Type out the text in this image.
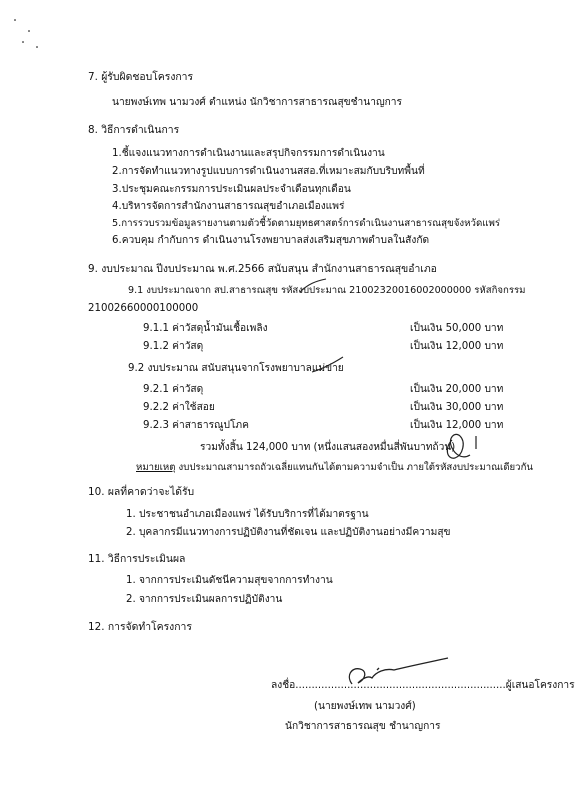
7. ผู้รับผิดชอบโครงการ
นายพงษ์เทพ นามวงศ์ ตำแหน่ง นักวิชาการสาธารณสุขชำนาญการ
8. วิธีการดำเนินการ
1.ชี้แจงแนวทางการดำเนินงานและสรุปกิจกรรมการดำเนินงาน
2.การจัดทำแนวทางรูปแบบการดำเนินงานสสอ.ที่เหมาะสมกับบริบทพื้นที่
3.ประชุมคณะกรรมการประเมินผลประจำเดือนทุกเดือน
4.บริหารจัดการสำนักงานสาธารณสุขอำเภอเมืองแพร่
5.การรวบรวมข้อมูลรายงานตามตัวชี้วัดตามยุทธศาสตร์การดำเนินงานสาธารณสุขจังหวัดแพร่
6.ควบคุม กำกับการ ดำเนินงานโรงพยาบาลส่งเสริมสุขภาพตำบลในสังกัด
9. งบประมาณ ปีงบประมาณ พ.ศ.2566 สนับสนุน สำนักงานสาธารณสุขอำเภอ
9.1 งบประมาณจาก สป.สาธารณสุข รหัสงบประมาณ 21002320016002000000 รหัสกิจกรรม
21002660000100000
9.1.1 ค่าวัสดุน้ำมันเชื้อเพลิง	เป็นเงิน 50,000 บาท
9.1.2 ค่าวัสดุ	เป็นเงิน 12,000 บาท
9.2 งบประมาณ สนับสนุนจากโรงพยาบาลแม่ข่าย
9.2.1 ค่าวัสดุ	เป็นเงิน 20,000 บาท
9.2.2 ค่าใช้สอย	เป็นเงิน 30,000 บาท
9.2.3 ค่าสาธารณูปโภค	เป็นเงิน 12,000 บาท
รวมทั้งสิ้น 124,000 บาท (หนึ่งแสนสองหมื่นสี่พันบาทถ้วน)
หมายเหตุ งบประมาณสามารถถัวเฉลี่ยแทนกันได้ตามความจำเป็น ภายใต้รหัสงบประมาณเดียวกัน
10. ผลที่คาดว่าจะได้รับ
1. ประชาชนอำเภอเมืองแพร่ ได้รับบริการที่ได้มาตรฐาน
2. บุคลากรมีแนวทางการปฏิบัติงานที่ชัดเจน และปฏิบัติงานอย่างมีความสุข
11. วิธีการประเมินผล
1. จากการประเมินดัชนีความสุขจากการทำงาน
2. จากการประเมินผลการปฏิบัติงาน
12. การจัดทำโครงการ
ลงชื่อ.................................................................ผู้เสนอโครงการ
(นายพงษ์เทพ นามวงศ์)
นักวิชาการสาธารณสุข ชำนาญการ
